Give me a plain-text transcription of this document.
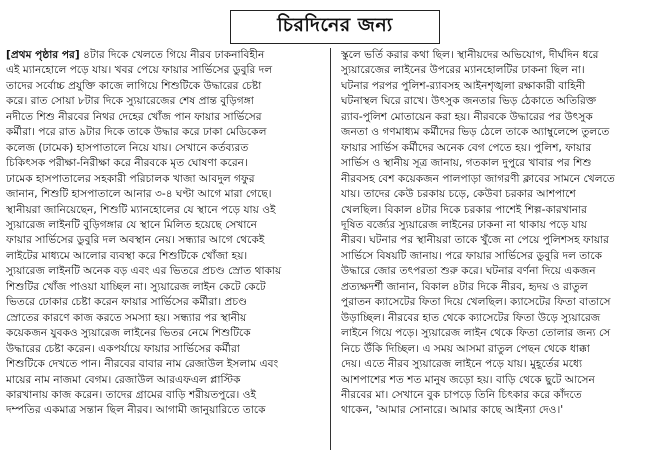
চিরদিনের জন্য
[প্রথম পৃষ্ঠার পর] ৪টার দিকে খেলতে গিয়ে নীরব ঢাকনাবিহীন
এই ম্যানহোলে পড়ে যায়। খবর পেয়ে ফায়ার সার্ভিসের ডুবুরি দল
তাদের সর্বোচ্চ প্রযুক্তি কাজে লাগিয়ে শিশুটিকে উদ্ধারের চেষ্টা
করে। রাত সোয়া ৮টার দিকে স্যুয়ারেজের শেষ প্রান্ত বুড়িগঙ্গা
নদীতে শিশু নীরবের নিথর দেহের খোঁজ পান ফায়ার সার্ভিসের
কর্মীরা। পরে রাত ৯টার দিকে তাকে উদ্ধার করে ঢাকা মেডিকেল
কলেজ (ঢামেক) হাসপাতালে নিয়ে যায়। সেখানে কর্তব্যরত
চিকিৎসক পরীক্ষা-নিরীক্ষা করে নীরবকে মৃত ঘোষণা করেন।
ঢামেক হাসপাতালের সহকারী পরিচালক খাজা আবদুল গফুর
জানান, শিশুটি হাসপাতালে আনার ৩-৪ ঘণ্টা আগে মারা গেছে।
স্থানীয়রা জানিয়েছেন, শিশুটি ম্যানহোলের যে স্থানে পড়ে যায় ওই
স্যুয়ারেজ লাইনটি বুড়িগঙ্গার যে স্থানে মিলিত হয়েছে সেখানে
ফায়ার সার্ভিসের ডুবুরি দল অবস্থান নেয়। সন্ধ্যার আগে থেকেই
লাইটের মাধ্যমে আলোর ব্যবস্থা করে শিশুটিকে খোঁজা হয়।
স্যুয়ারেজ লাইনটি অনেক বড় এবং এর ভিতরে প্রচণ্ড স্রোত থাকায়
শিশুটির খোঁজ পাওয়া যাচ্ছিল না। স্যুয়ারেজ লাইন কেটে কেটে
ভিতরে ঢোকার চেষ্টা করেন ফায়ার সার্ভিসের কর্মীরা। প্রচণ্ড
স্রোতের কারণে কাজ করতে সমস্যা হয়। সন্ধ্যার পর স্থানীয়
কয়েকজন যুবকও স্যুয়ারেজ লাইনের ভিতর নেমে শিশুটিকে
উদ্ধারের চেষ্টা করেন। একপর্যায়ে ফায়ার সার্ভিসের কর্মীরা
শিশুটিকে দেখতে পান। নীরবের বাবার নাম রেজাউল ইসলাম এবং
মায়ের নাম নাজমা বেগম। রেজাউল আরএফএল প্লাস্টিক
কারখানায় কাজ করেন। তাদের গ্রামের বাড়ি শরীয়তপুরে। ওই
দম্পতির একমাত্র সন্তান ছিল নীরব। আগামী জানুয়ারিতে তাকে
স্কুলে ভর্তি করার কথা ছিল। স্থানীয়দের অভিযোগ, দীর্ঘদিন ধরে
স্যুয়ারেজের লাইনের উপরের ম্যানহোলটির ঢাকনা ছিল না।
ঘটনার পরপর পুলিশ-র‍্যাবসহ আইনশৃঙ্খলা রক্ষাকারী বাহিনী
ঘটনাস্থল ঘিরে রাখে। উৎসুক জনতার ভিড় ঠেকাতে অতিরিক্ত
র‍্যাব-পুলিশ মোতায়েন করা হয়। নীরবকে উদ্ধারের পর উৎসুক
জনতা ও গণমাধ্যম কর্মীদের ভিড় ঠেলে তাকে অ্যাম্বুলেন্সে তুলতে
ফায়ার সার্ভিস কর্মীদের অনেক বেগ পেতে হয়। পুলিশ, ফায়ার
সার্ভিস ও স্থানীয় সূত্র জানায়, গতকাল দুপুরে খাবার পর শিশু
নীরবসহ বেশ কয়েকজন পালপাড়া জাগরণী ক্লাবের সামনে খেলতে
যায়। তাদের কেউ চরকায় চড়ে, কেউবা চরকার আশপাশে
খেলছিল। বিকাল ৪টার দিকে চরকার পাশেই শিল্প-কারখানার
দূষিত বর্জ্যের স্যুয়ারেজ লাইনের ঢাকনা না থাকায় পড়ে যায়
নীরব। ঘটনার পর স্থানীয়রা তাকে খুঁজে না পেয়ে পুলিশসহ ফায়ার
সার্ভিসে বিষয়টি জানায়। পরে ফায়ার সার্ভিসের ডুবুরি দল তাকে
উদ্ধারে জোর তৎপরতা শুরু করে। ঘটনার বর্ণনা দিয়ে একজন
প্রত্যক্ষদর্শী জানান, বিকাল ৪টার দিকে নীরব, হৃদয় ও রাতুল
পুরাতন ক্যাসেটের ফিতা দিয়ে খেলছিল। ক্যাসেটের ফিতা বাতাসে
উড়াচ্ছিল। নীরবের হাত থেকে ক্যাসেটের ফিতা উড়ে স্যুয়ারেজ
লাইনে গিয়ে পড়ে। স্যুয়ারেজ লাইন থেকে ফিতা তোলার জন্য সে
নিচে উঁকি দিচ্ছিল। এ সময় আসমা রাতুল পেছন থেকে ধাক্কা
দেয়। এতে নীরব স্যুয়ারেজ লাইনে পড়ে যায়। মুহূর্তের মধ্যে
আশপাশের শত শত মানুষ জড়ো হয়। বাড়ি থেকে ছুটে আসেন
নীরবের মা। সেখানে বুক চাপড়ে তিনি চিৎকার করে কাঁদতে
থাকেন, 'আমার সোনারে। আমার কাছে আইন্যা দেও।'
